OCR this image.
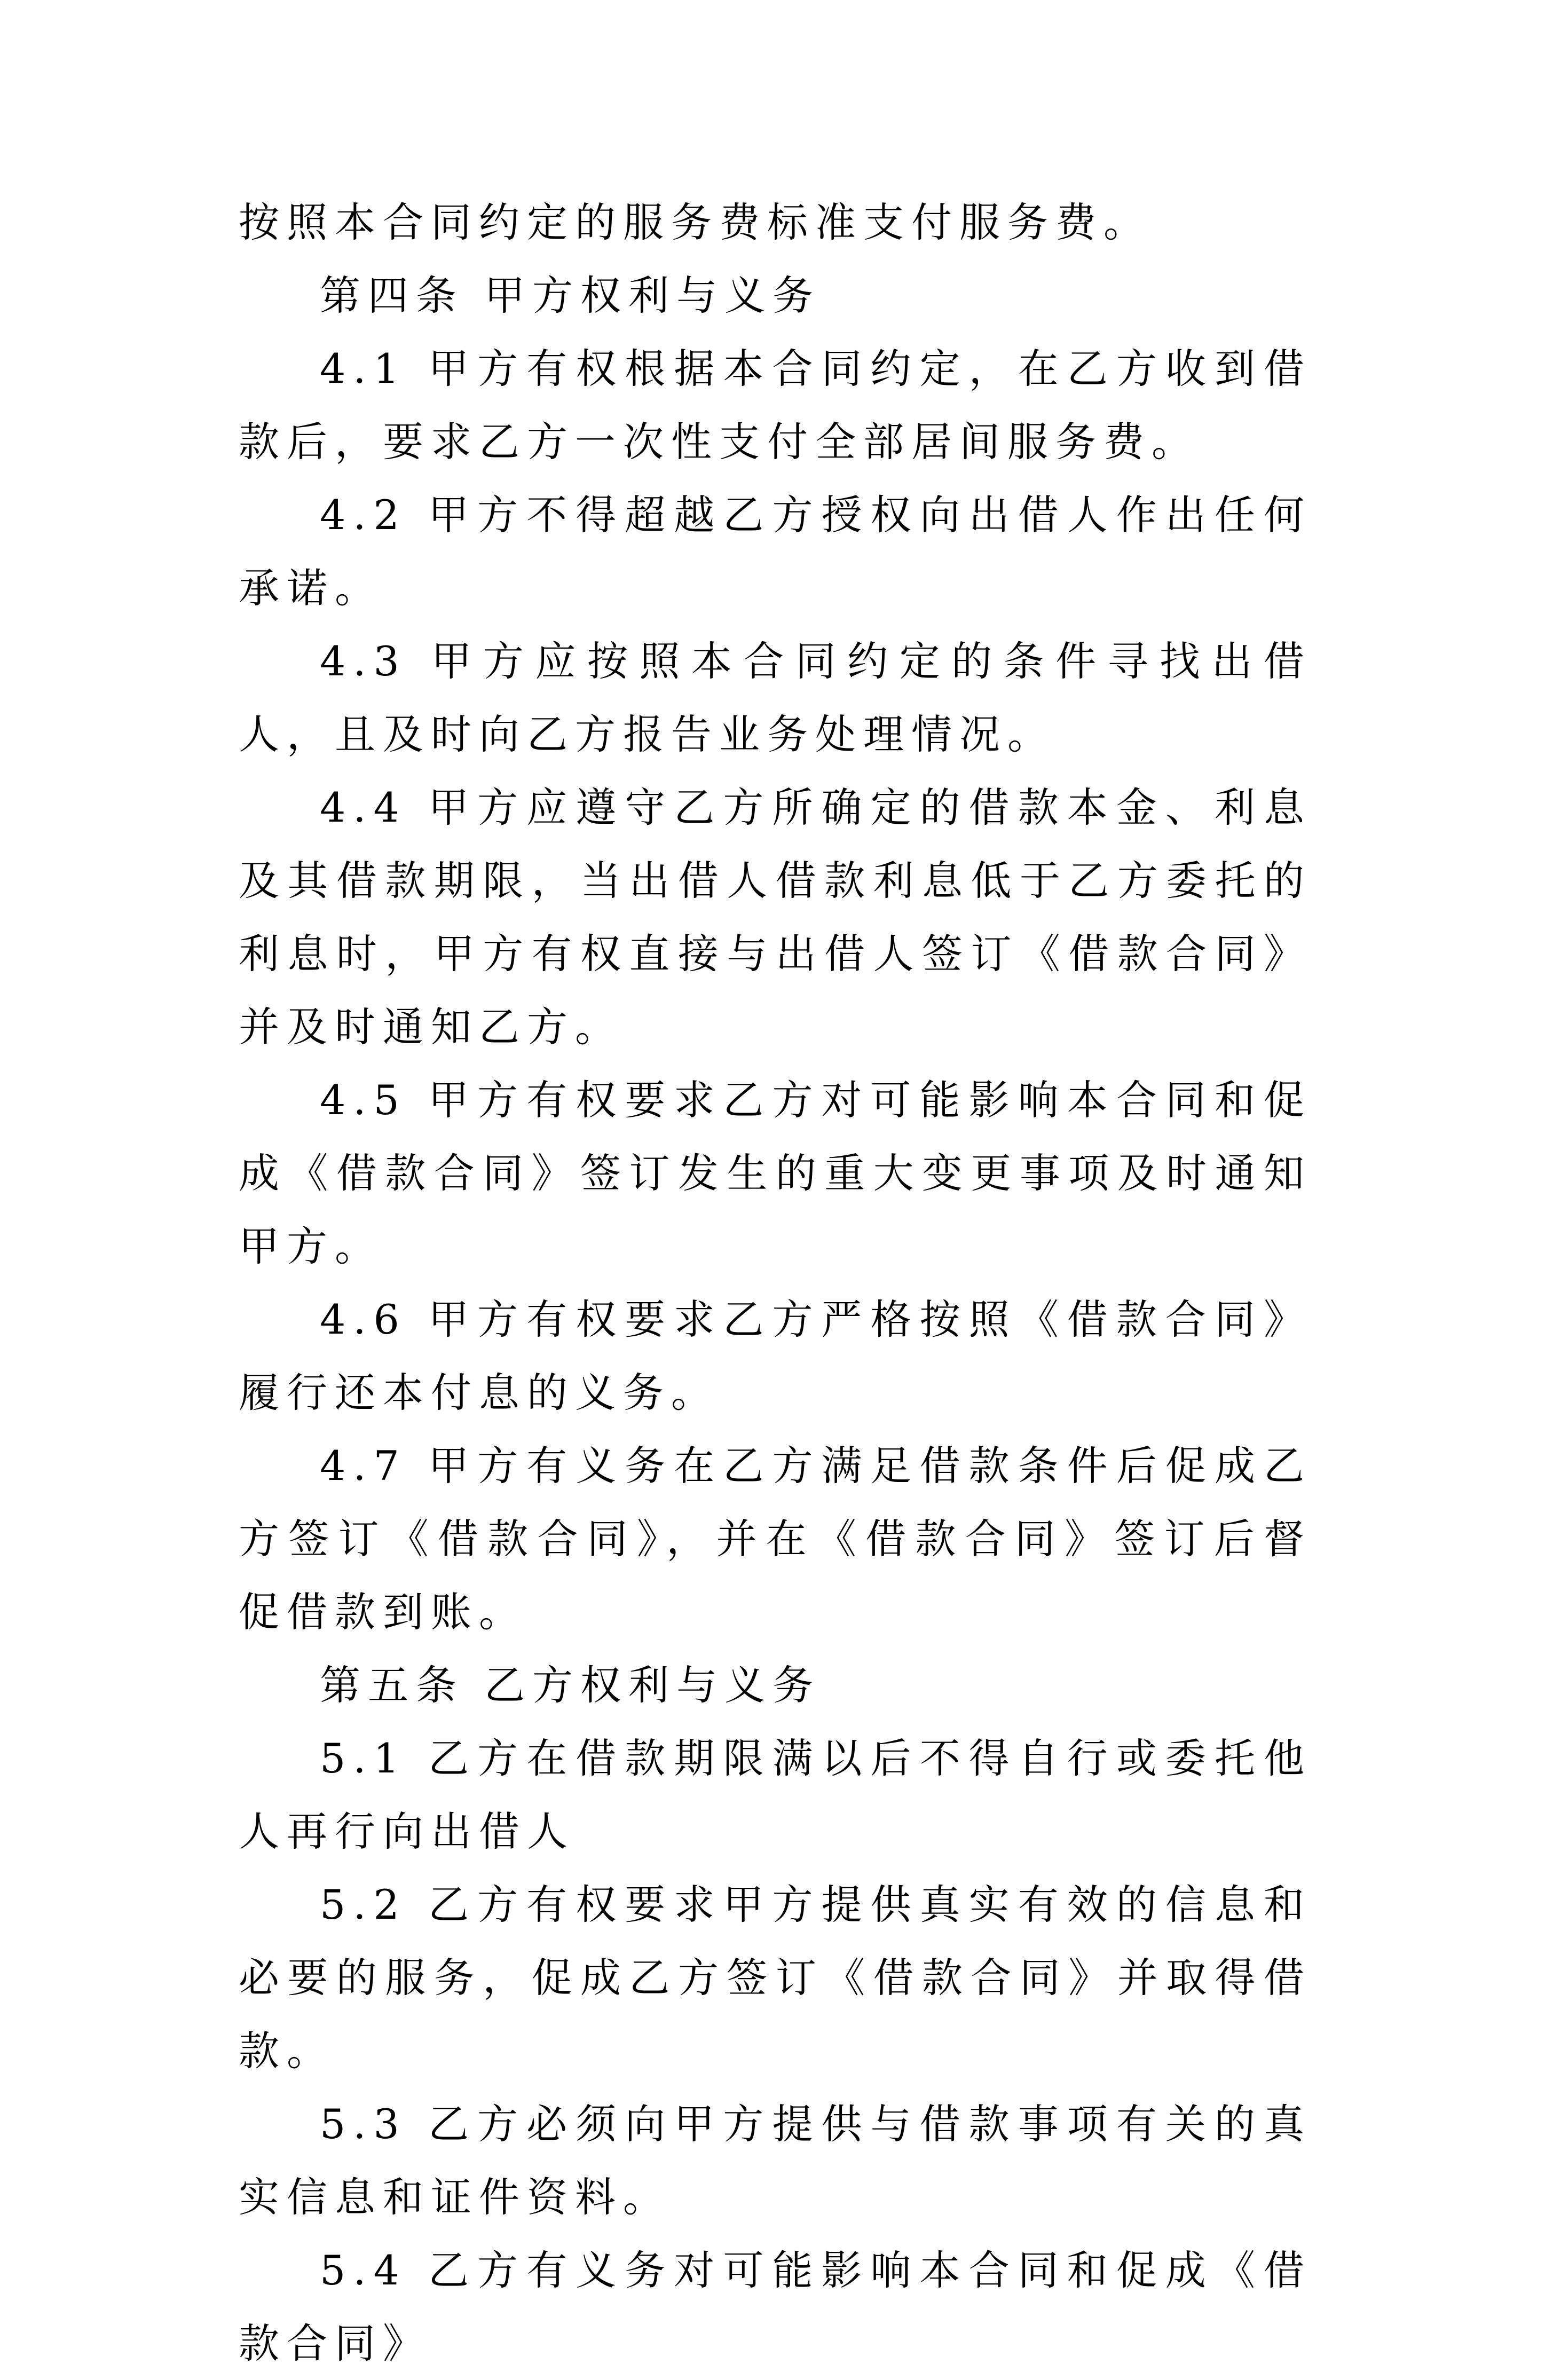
按照本合同约定的服务费标准支付服务费。

第四条 甲方权利与义务

4.1 甲方有权根据本合同约定，在乙方收到借款后，要求乙方一次性支付全部居间服务费。

4.2 甲方不得超越乙方授权向出借人作出任何承诺。

4.3 甲方应按照本合同约定的条件寻找出借人，且及时向乙方报告业务处理情况。

4.4 甲方应遵守乙方所确定的借款本金、利息及其借款期限，当出借人借款利息低于乙方委托的利息时，甲方有权直接与出借人签订《借款合同》并及时通知乙方。

4.5 甲方有权要求乙方对可能影响本合同和促成《借款合同》签订发生的重大变更事项及时通知甲方。

4.6 甲方有权要求乙方严格按照《借款合同》履行还本付息的义务。

4.7 甲方有义务在乙方满足借款条件后促成乙方签订《借款合同》，并在《借款合同》签订后督促借款到账。

第五条 乙方权利与义务

5.1 乙方在借款期限满以后不得自行或委托他人再行向出借人

5.2 乙方有权要求甲方提供真实有效的信息和必要的服务，促成乙方签订《借款合同》并取得借款。

5.3 乙方必须向甲方提供与借款事项有关的真实信息和证件资料。

5.4 乙方有义务对可能影响本合同和促成《借款合同》
